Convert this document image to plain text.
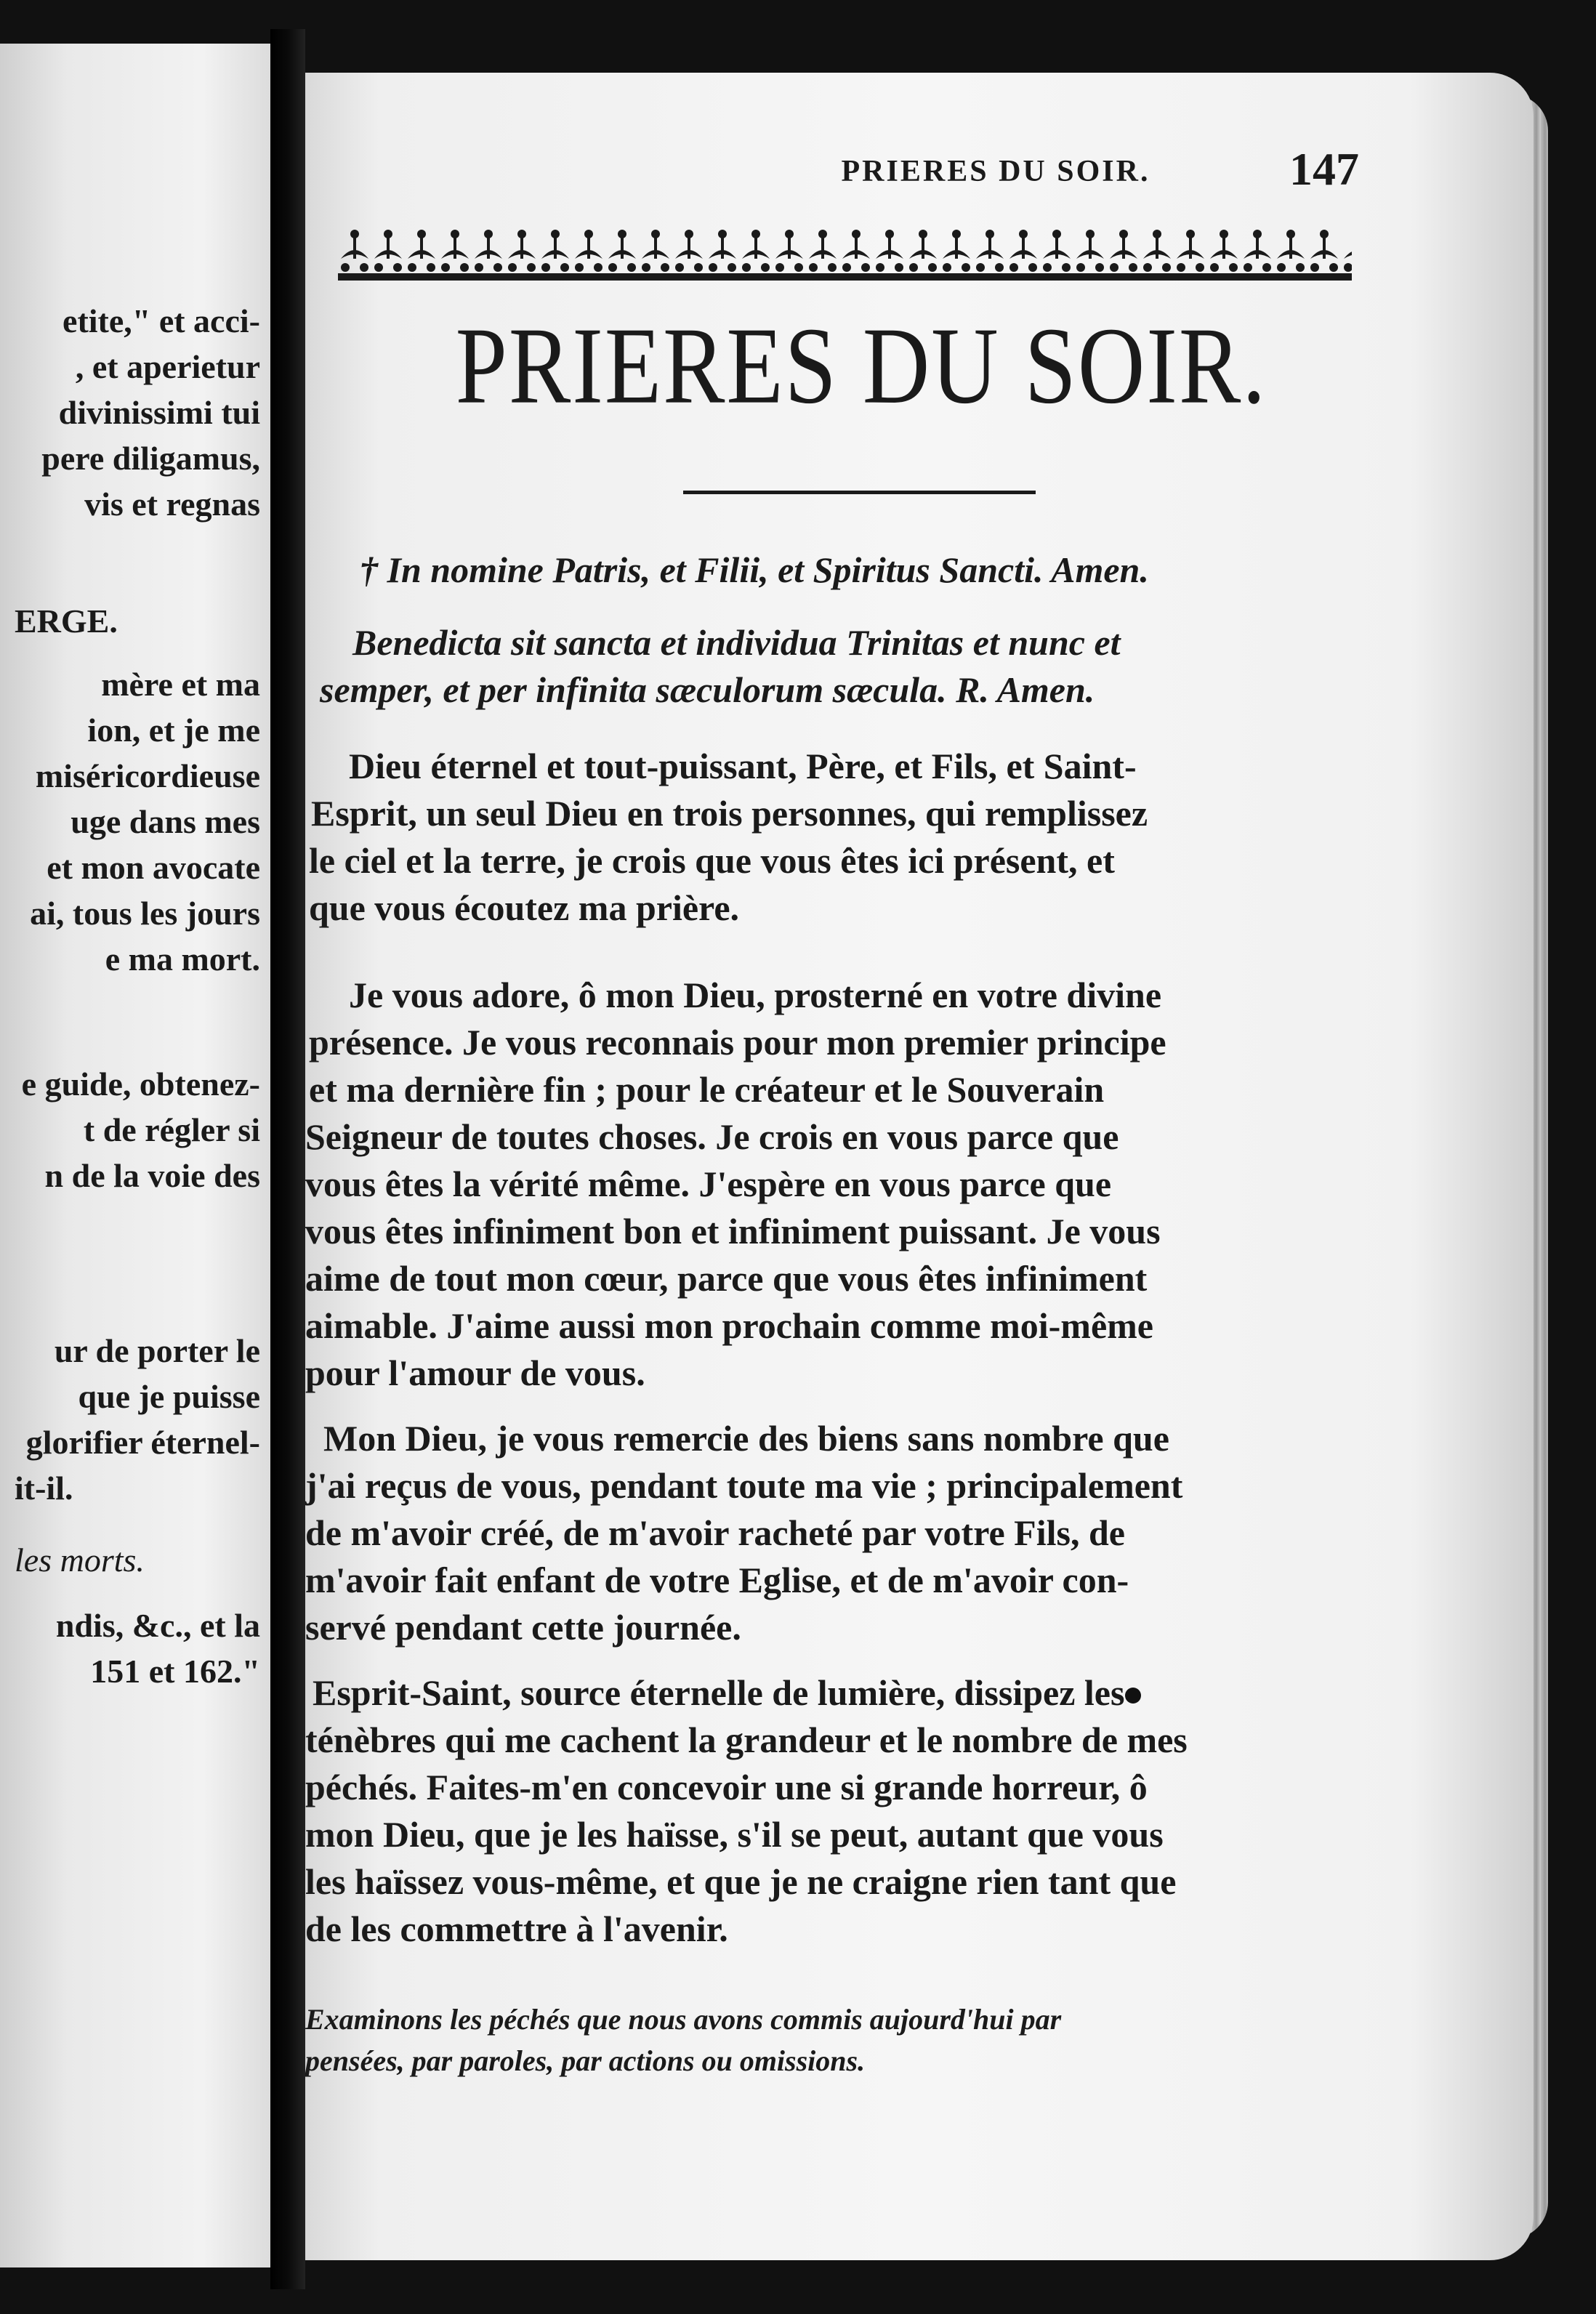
etite," et acci-
, et aperietur
divinissimi tui
pere diligamus,
vis et regnas
ERGE.
mère et ma
ion, et je me
miséricordieuse
uge dans mes
et mon avocate
ai, tous les jours
e ma mort.
e guide, obtenez-
t de régler si
n de la voie des
ur de porter le
que je puisse
glorifier éternel-
it-il.
les morts.
ndis, &c., et la
151 et 162."
PRIERES DU SOIR.	147
PRIERES DU SOIR.
† In nomine Patris, et Filii, et Spiritus Sancti. Amen.
Benedicta sit sancta et individua Trinitas et nunc et
semper, et per infinita sæculorum sæcula. R. Amen.
Dieu éternel et tout-puissant, Père, et Fils, et Saint-
Esprit, un seul Dieu en trois personnes, qui remplissez
le ciel et la terre, je crois que vous êtes ici présent, et
que vous écoutez ma prière.
Je vous adore, ô mon Dieu, prosterné en votre divine
présence. Je vous reconnais pour mon premier principe
et ma dernière fin ; pour le créateur et le Souverain
Seigneur de toutes choses. Je crois en vous parce que
vous êtes la vérité même. J'espère en vous parce que
vous êtes infiniment bon et infiniment puissant. Je vous
aime de tout mon cœur, parce que vous êtes infiniment
aimable. J'aime aussi mon prochain comme moi-même
pour l'amour de vous.
Mon Dieu, je vous remercie des biens sans nombre que
j'ai reçus de vous, pendant toute ma vie ; principalement
de m'avoir créé, de m'avoir racheté par votre Fils, de
m'avoir fait enfant de votre Eglise, et de m'avoir con-
servé pendant cette journée.
Esprit-Saint, source éternelle de lumière, dissipez les
ténèbres qui me cachent la grandeur et le nombre de mes
péchés. Faites-m'en concevoir une si grande horreur, ô
mon Dieu, que je les haïsse, s'il se peut, autant que vous
les haïssez vous-même, et que je ne craigne rien tant que
de les commettre à l'avenir.
Examinons les péchés que nous avons commis aujourd'hui par
pensées, par paroles, par actions ou omissions.
